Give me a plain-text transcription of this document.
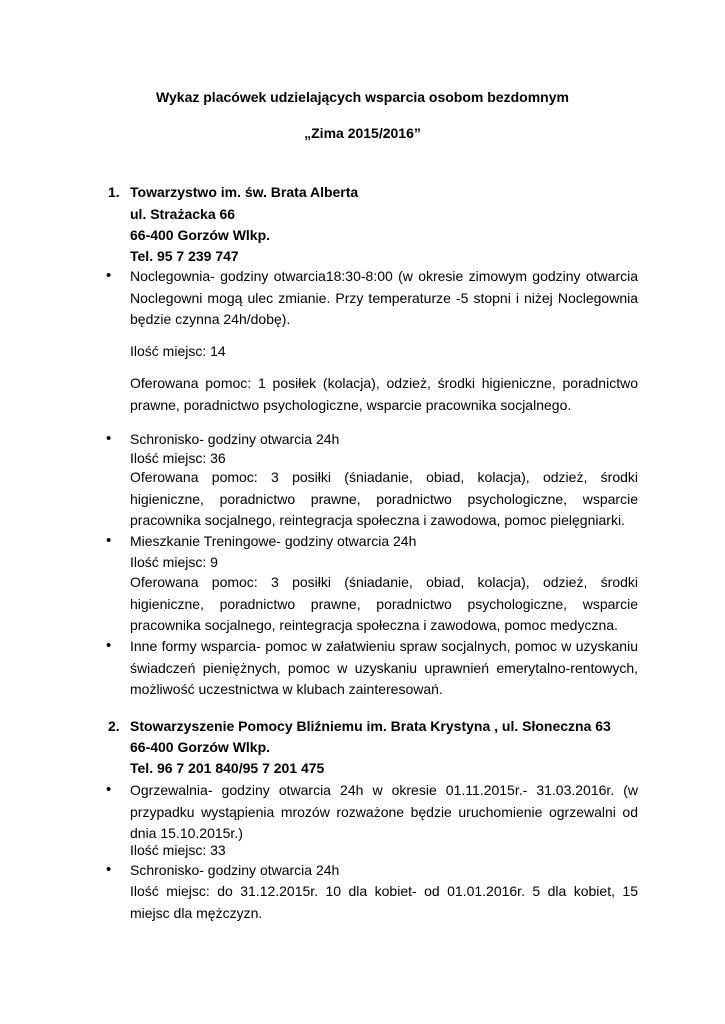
Wykaz placówek udzielających wsparcia osobom bezdomnym
„Zima 2015/2016”
1. Towarzystwo im. św. Brata Alberta
ul. Strażacka 66
66-400 Gorzów Wlkp.
Tel. 95 7 239 747
• Noclegownia- godziny otwarcia18:30-8:00 (w okresie zimowym godziny otwarcia Noclegowni mogą ulec zmianie. Przy temperaturze -5 stopni i niżej Noclegownia będzie czynna 24h/dobę).

Ilość miejsc: 14

Oferowana pomoc: 1 posiłek (kolacja), odzież, środki higieniczne, poradnictwo prawne, poradnictwo psychologiczne, wsparcie pracownika socjalnego.

• Schronisko- godziny otwarcia 24h
Ilość miejsc: 36

Oferowana pomoc: 3 posiłki (śniadanie, obiad, kolacja), odzież, środki higieniczne, poradnictwo prawne, poradnictwo psychologiczne, wsparcie pracownika socjalnego, reintegracja społeczna i zawodowa, pomoc pielęgniarki.

• Mieszkanie Treningowe- godziny otwarcia 24h
Ilość miejsc: 9

Oferowana pomoc: 3 posiłki (śniadanie, obiad, kolacja), odzież, środki higieniczne, poradnictwo prawne, poradnictwo psychologiczne, wsparcie pracownika socjalnego, reintegracja społeczna i zawodowa, pomoc medyczna.

• Inne formy wsparcia- pomoc w załatwieniu spraw socjalnych, pomoc w uzyskaniu świadczeń pieniężnych, pomoc w uzyskaniu uprawnień emerytalno-rentowych, możliwość uczestnictwa w klubach zainteresowań.

2. Stowarzyszenie Pomocy Bliźniemu im. Brata Krystyna , ul. Słoneczna 63
66-400 Gorzów Wlkp.
Tel. 96 7 201 840/95 7 201 475
• Ogrzewalnia- godziny otwarcia 24h w okresie 01.11.2015r.- 31.03.2016r. (w przypadku wystąpienia mrozów rozważone będzie uruchomienie ogrzewalni od dnia 15.10.2015r.)

Ilość miejsc: 33
• Schronisko- godziny otwarcia 24h

Ilość miejsc: do 31.12.2015r. 10 dla kobiet- od 01.01.2016r. 5 dla kobiet, 15 miejsc dla mężczyzn.
